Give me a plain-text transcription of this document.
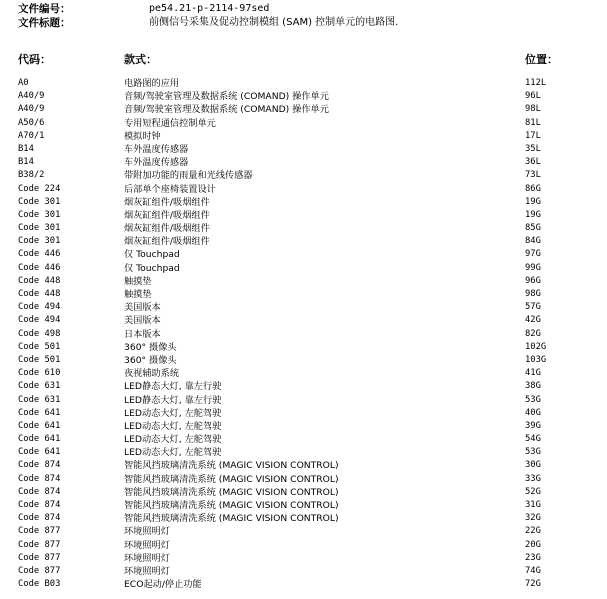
文件编号：	pe54.21-p-2114-97sed
文件标题：	前侧信号采集及促动控制模组 (SAM) 控制单元的电路图.
代码：	款式：	位置：
A0	电路图的应用	112L
A40/9	音频/驾驶室管理及数据系统 (COMAND) 操作单元	96L
A40/9	音频/驾驶室管理及数据系统 (COMAND) 操作单元	98L
A50/6	专用短程通信控制单元	81L
A70/1	模拟时钟	17L
B14	车外温度传感器	35L
B14	车外温度传感器	36L
B38/2	带附加功能的雨量和光线传感器	73L
Code 224	后部单个座椅装置设计	86G
Code 301	烟灰缸组件/吸烟组件	19G
Code 301	烟灰缸组件/吸烟组件	19G
Code 301	烟灰缸组件/吸烟组件	85G
Code 301	烟灰缸组件/吸烟组件	84G
Code 446	仅 Touchpad	97G
Code 446	仅 Touchpad	99G
Code 448	触摸垫	96G
Code 448	触摸垫	98G
Code 494	美国版本	57G
Code 494	美国版本	42G
Code 498	日本版本	82G
Code 501	360° 摄像头	102G
Code 501	360° 摄像头	103G
Code 610	夜视辅助系统	41G
Code 631	LED静态大灯, 靠左行驶	38G
Code 631	LED静态大灯, 靠左行驶	53G
Code 641	LED动态大灯, 左舵驾驶	40G
Code 641	LED动态大灯, 左舵驾驶	39G
Code 641	LED动态大灯, 左舵驾驶	54G
Code 641	LED动态大灯, 左舵驾驶	53G
Code 874	智能风挡玻璃清洗系统 (MAGIC VISION CONTROL)	30G
Code 874	智能风挡玻璃清洗系统 (MAGIC VISION CONTROL)	33G
Code 874	智能风挡玻璃清洗系统 (MAGIC VISION CONTROL)	52G
Code 874	智能风挡玻璃清洗系统 (MAGIC VISION CONTROL)	31G
Code 874	智能风挡玻璃清洗系统 (MAGIC VISION CONTROL)	32G
Code 877	环境照明灯	22G
Code 877	环境照明灯	20G
Code 877	环境照明灯	23G
Code 877	环境照明灯	74G
Code B03	ECO起动/停止功能	72G
